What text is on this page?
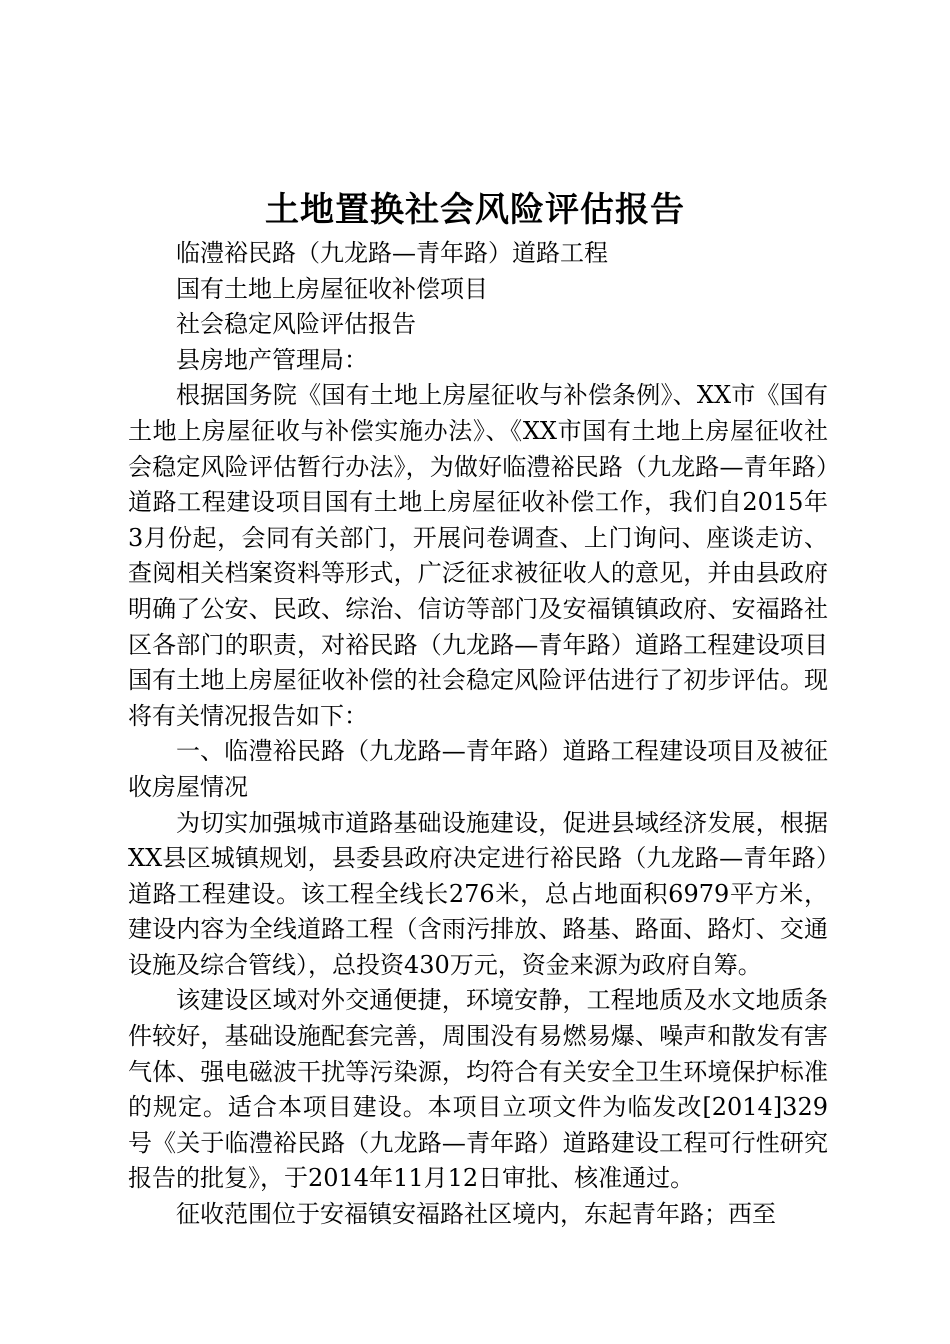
土地置换社会风险评估报告

临澧裕民路（九龙路—青年路）道路工程

国有土地上房屋征收补偿项目

社会稳定风险评估报告

县房地产管理局：

根据国务院《国有土地上房屋征收与补偿条例》、XX市《国有土地上房屋征收与补偿实施办法》、《XX市国有土地上房屋征收社会稳定风险评估暂行办法》，为做好临澧裕民路（九龙路—青年路）道路工程建设项目国有土地上房屋征收补偿工作，我们自2015年3月份起，会同有关部门，开展问卷调查、上门询问、座谈走访、查阅相关档案资料等形式，广泛征求被征收人的意见，并由县政府明确了公安、民政、综治、信访等部门及安福镇镇政府、安福路社区各部门的职责，对裕民路（九龙路—青年路）道路工程建设项目国有土地上房屋征收补偿的社会稳定风险评估进行了初步评估。现将有关情况报告如下：

一、临澧裕民路（九龙路—青年路）道路工程建设项目及被征收房屋情况

为切实加强城市道路基础设施建设，促进县域经济发展，根据XX县区城镇规划，县委县政府决定进行裕民路（九龙路—青年路）道路工程建设。该工程全线长276米，总占地面积6979平方米，建设内容为全线道路工程（含雨污排放、路基、路面、路灯、交通设施及综合管线），总投资430万元，资金来源为政府自筹。

该建设区域对外交通便捷，环境安静，工程地质及水文地质条件较好，基础设施配套完善，周围没有易燃易爆、噪声和散发有害气体、强电磁波干扰等污染源，均符合有关安全卫生环境保护标准的规定。适合本项目建设。本项目立项文件为临发改[2014]329号《关于临澧裕民路（九龙路—青年路）道路建设工程可行性研究报告的批复》，于2014年11月12日审批、核准通过。

征收范围位于安福镇安福路社区境内，东起青年路；西至
